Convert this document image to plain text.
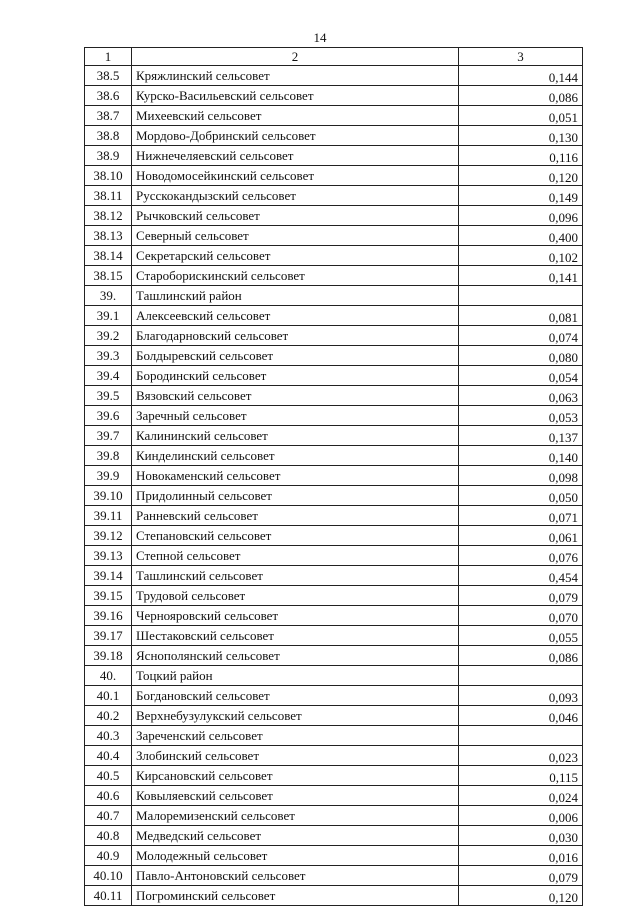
14
1	2	3
38.5	Кряжлинский сельсовет	0,144
38.6	Курско-Васильевский сельсовет	0,086
38.7	Михеевский сельсовет	0,051
38.8	Мордово-Добринский сельсовет	0,130
38.9	Нижнечеляевский сельсовет	0,116
38.10	Новодомосейкинский сельсовет	0,120
38.11	Русскокандызский сельсовет	0,149
38.12	Рычковский сельсовет	0,096
38.13	Северный сельсовет	0,400
38.14	Секретарский сельсовет	0,102
38.15	Староборискинский сельсовет	0,141
39.	Ташлинский район	
39.1	Алексеевский сельсовет	0,081
39.2	Благодарновский сельсовет	0,074
39.3	Болдыревский сельсовет	0,080
39.4	Бородинский сельсовет	0,054
39.5	Вязовский сельсовет	0,063
39.6	Заречный сельсовет	0,053
39.7	Калининский сельсовет	0,137
39.8	Кинделинский сельсовет	0,140
39.9	Новокаменский сельсовет	0,098
39.10	Придолинный сельсовет	0,050
39.11	Ранневский сельсовет	0,071
39.12	Степановский сельсовет	0,061
39.13	Степной сельсовет	0,076
39.14	Ташлинский сельсовет	0,454
39.15	Трудовой сельсовет	0,079
39.16	Чернояровский сельсовет	0,070
39.17	Шестаковский сельсовет	0,055
39.18	Яснополянский сельсовет	0,086
40.	Тоцкий район	
40.1	Богдановский сельсовет	0,093
40.2	Верхнебузулукский сельсовет	0,046
40.3	Зареченский сельсовет	
40.4	Злобинский сельсовет	0,023
40.5	Кирсановский сельсовет	0,115
40.6	Ковыляевский сельсовет	0,024
40.7	Малоремизенский сельсовет	0,006
40.8	Медведский сельсовет	0,030
40.9	Молодежный сельсовет	0,016
40.10	Павло-Антоновский сельсовет	0,079
40.11	Погроминский сельсовет	0,120
